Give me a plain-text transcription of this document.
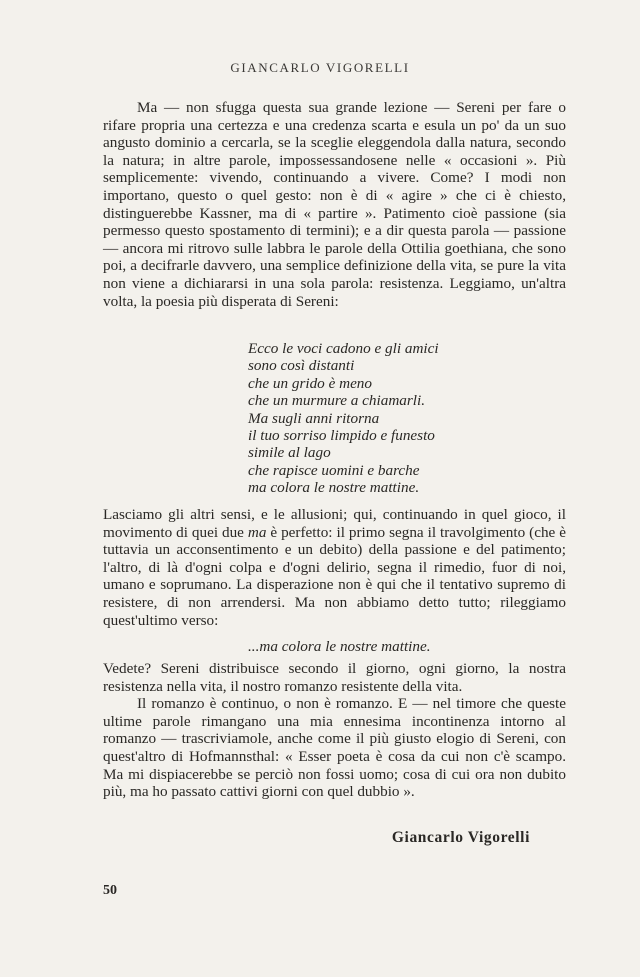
GIANCARLO VIGORELLI

Ma — non sfugga questa sua grande lezione — Sereni per fare o rifare propria una certezza e una credenza scarta e esula un po' da un suo angusto dominio a cercarla, se la sceglie eleggendola dalla natura, secondo la natura; in altre parole, impossessandosene nelle « occasioni ». Più semplicemente: vivendo, continuando a vivere. Come? I modi non importano, questo o quel gesto: non è di « agire » che ci è chiesto, distinguerebbe Kassner, ma di « partire ». Patimento cioè passione (sia permesso questo spostamento di termini); e a dir questa parola — passione — ancora mi ritrovo sulle labbra le parole della Ottilia goethiana, che sono poi, a decifrarle davvero, una semplice definizione della vita, se pure la vita non viene a dichiararsi in una sola parola: resistenza. Leggiamo, un'altra volta, la poesia più disperata di Sereni:

Ecco le voci cadono e gli amici
sono così distanti
che un grido è meno
che un murmure a chiamarli.
Ma sugli anni ritorna
il tuo sorriso limpido e funesto
simile al lago
che rapisce uomini e barche
ma colora le nostre mattine.

Lasciamo gli altri sensi, e le allusioni; qui, continuando in quel gioco, il movimento di quei due ma è perfetto: il primo segna il travolgimento (che è tuttavia un acconsentimento e un debito) della passione e del patimento; l'altro, di là d'ogni colpa e d'ogni delirio, segna il rimedio, fuor di noi, umano e soprumano. La disperazione non è qui che il tentativo supremo di resistere, di non arrendersi. Ma non abbiamo detto tutto; rileggiamo quest'ultimo verso:

...ma colora le nostre mattine.

Vedete? Sereni distribuisce secondo il giorno, ogni giorno, la nostra resistenza nella vita, il nostro romanzo resistente della vita.

Il romanzo è continuo, o non è romanzo. E — nel timore che queste ultime parole rimangano una mia ennesima incontinenza intorno al romanzo — trascriviamole, anche come il più giusto elogio di Sereni, con quest'altro di Hofmannsthal: « Esser poeta è cosa da cui non c'è scampo. Ma mi dispiacerebbe se perciò non fossi uomo; cosa di cui ora non dubito più, ma ho passato cattivi giorni con quel dubbio ».

Giancarlo Vigorelli
50
